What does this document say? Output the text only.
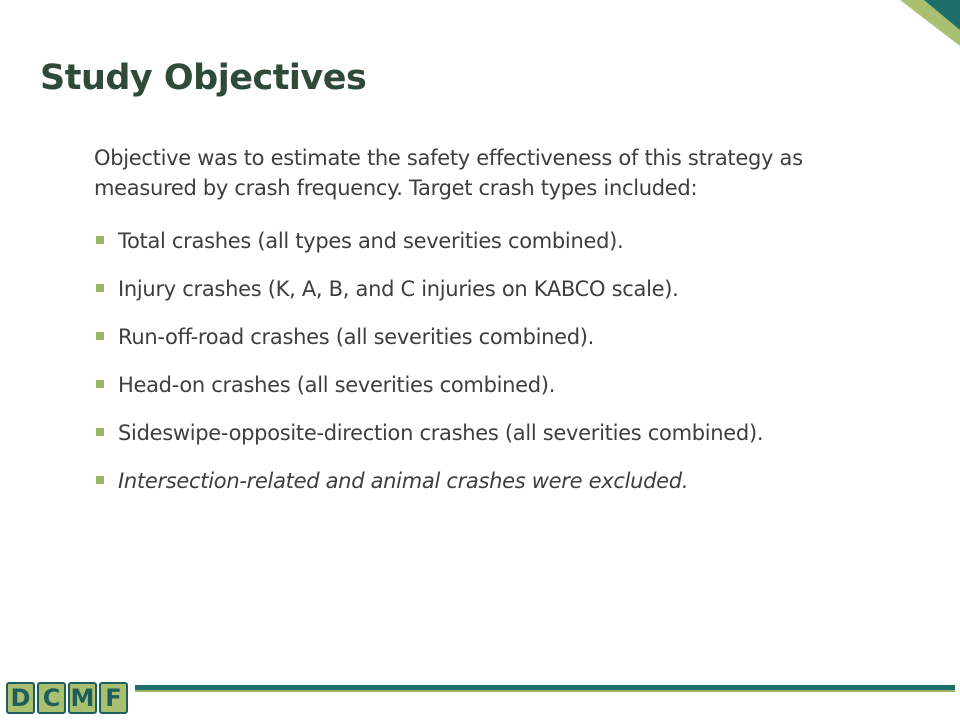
Study Objectives

Objective was to estimate the safety effectiveness of this strategy as measured by crash frequency. Target crash types included:

Total crashes (all types and severities combined).
Injury crashes (K, A, B, and C injuries on KABCO scale).
Run-off-road crashes (all severities combined).
Head-on crashes (all severities combined).
Sideswipe-opposite-direction crashes (all severities combined).
Intersection-related and animal crashes were excluded.
D C M F
